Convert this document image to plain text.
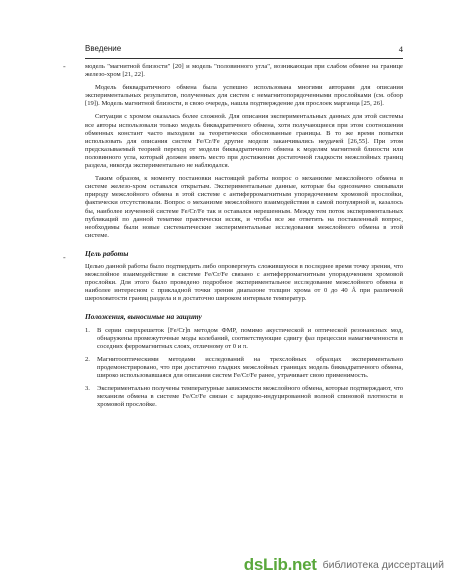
Введение	4
-
-

модель "магнитной близости" [20] и модель "половинного угла", возникающая при слабом обмене на границе железо-хром [21, 22].

Модель биквадратичного обмена была успешно использована многими авторами для описания экспериментальных результатов, полученных для систем с немагнитопорядоченными прослойками (см. обзор [19]). Модель магнитной близости, в свою очередь, нашла подтверждение для прослоек марганца [25, 26].

Ситуация с хромом оказалась более сложной. Для описания экспериментальных данных для этой системы все авторы использовали только модель биквадратичного обмена, хотя получающиеся при этом соотношения обменных констант часто выходили за теоретически обоснованные границы. В то же время попытки использовать для описания систем Fe/Cr/Fe другие модели заканчивались неудачей [26,55]. При этом предсказываемый теорией переход от модели биквадратичного обмена к моделям магнитной близости или половинного угла, который должен иметь место при достижении достаточной гладкости межслойных границ раздела, никогда экспериментально не наблюдался.

Таким образом, к моменту постановки настоящей работы вопрос о механизме межслойного обмена в системе железо-хром оставался открытым. Экспериментальные данные, которые бы однозначно связывали природу межслойного обмена в этой системе с антиферромагнитным упорядочением хромовой прослойки, фактически отсутствовали. Вопрос о механизме межслойного взаимодействия в самой популярной и, казалось бы, наиболее изученной системе Fe/Cr/Fe так и оставался нерешенным. Между тем поток экспериментальных публикаций по данной тематике практически иссяк, и чтобы все же ответить на поставленный вопрос, необходимы были новые систематические экспериментальные исследования межслойного обмена в этой системе.

Цель работы

Целью данной работы было подтвердить либо опровергнуть сложившуюся в последнее время точку зрения, что межслойное взаимодействие в системе Fe/Cr/Fe связано с антиферромагнитным упорядочением хромовой прослойки. Для этого было проведено подробное экспериментальное исследование межслойного обмена в наиболее интересном с прикладной точки зрения диапазоне толщин хрома от 0 до 40 Å при различной шероховатости границ раздела и в достаточно широком интервале температур.

Положения, выносимые на защиту
1. В серии сверхрешеток [Fe/Cr]n методом ФМР, помимо акустической и оптической резонансных мод, обнаружены промежуточные моды колебаний, соответствующие сдвигу фаз прецессии намагниченности в соседних ферромагнитных слоях, отличному от 0 и π.
2. Магнитооптическими методами исследований на трехслойных образцах экспериментально продемонстрировано, что при достаточно гладких межслойных границах модель биквадратичного обмена, широко использовавшаяся для описания систем Fe/Cr/Fe ранее, утрачивает свою применимость.
3. Экспериментально получены температурные зависимости межслойного обмена, которые подтверждают, что механизм обмена в системе Fe/Cr/Fe связан с зарядово-индуцированной волной спиновой плотности в хромовой прослойке.
dsLib.net библиотека диссертаций
